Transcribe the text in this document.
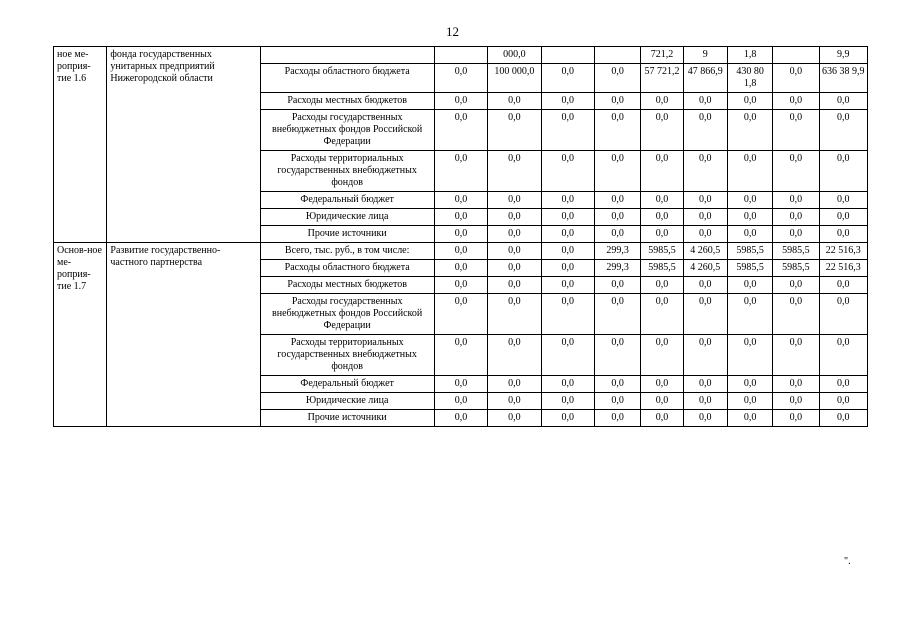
12
ное ме-роприя-тие 1.6	фонда государственных унитарных предприятий Нижегородской области			000,0			721,2	9	1,8		9,9
		Расходы областного бюджета	0,0	100 000,0	0,0	0,0	57 721,2	47 866,9	430 80 1,8	0,0	636 38 9,9
		Расходы местных бюджетов	0,0	0,0	0,0	0,0	0,0	0,0	0,0	0,0	0,0
		Расходы государственных внебюджетных фондов Российской Федерации	0,0	0,0	0,0	0,0	0,0	0,0	0,0	0,0	0,0
		Расходы территориальных государственных внебюджетных фондов	0,0	0,0	0,0	0,0	0,0	0,0	0,0	0,0	0,0
		Федеральный бюджет	0,0	0,0	0,0	0,0	0,0	0,0	0,0	0,0	0,0
		Юридические лица	0,0	0,0	0,0	0,0	0,0	0,0	0,0	0,0	0,0
		Прочие источники	0,0	0,0	0,0	0,0	0,0	0,0	0,0	0,0	0,0
Основ-ное ме-роприя-тие 1.7	Развитие государственно-частного партнерства	Всего, тыс. руб., в том числе:	0,0	0,0	0,0	299,3	5985,5	4 260,5	5985,5	5985,5	22 516,3
		Расходы областного бюджета	0,0	0,0	0,0	299,3	5985,5	4 260,5	5985,5	5985,5	22 516,3
		Расходы местных бюджетов	0,0	0,0	0,0	0,0	0,0	0,0	0,0	0,0	0,0
		Расходы государственных внебюджетных фондов Российской Федерации	0,0	0,0	0,0	0,0	0,0	0,0	0,0	0,0	0,0
		Расходы территориальных государственных внебюджетных фондов	0,0	0,0	0,0	0,0	0,0	0,0	0,0	0,0	0,0
		Федеральный бюджет	0,0	0,0	0,0	0,0	0,0	0,0	0,0	0,0	0,0
		Юридические лица	0,0	0,0	0,0	0,0	0,0	0,0	0,0	0,0	0,0
		Прочие источники	0,0	0,0	0,0	0,0	0,0	0,0	0,0	0,0	0,0
".
